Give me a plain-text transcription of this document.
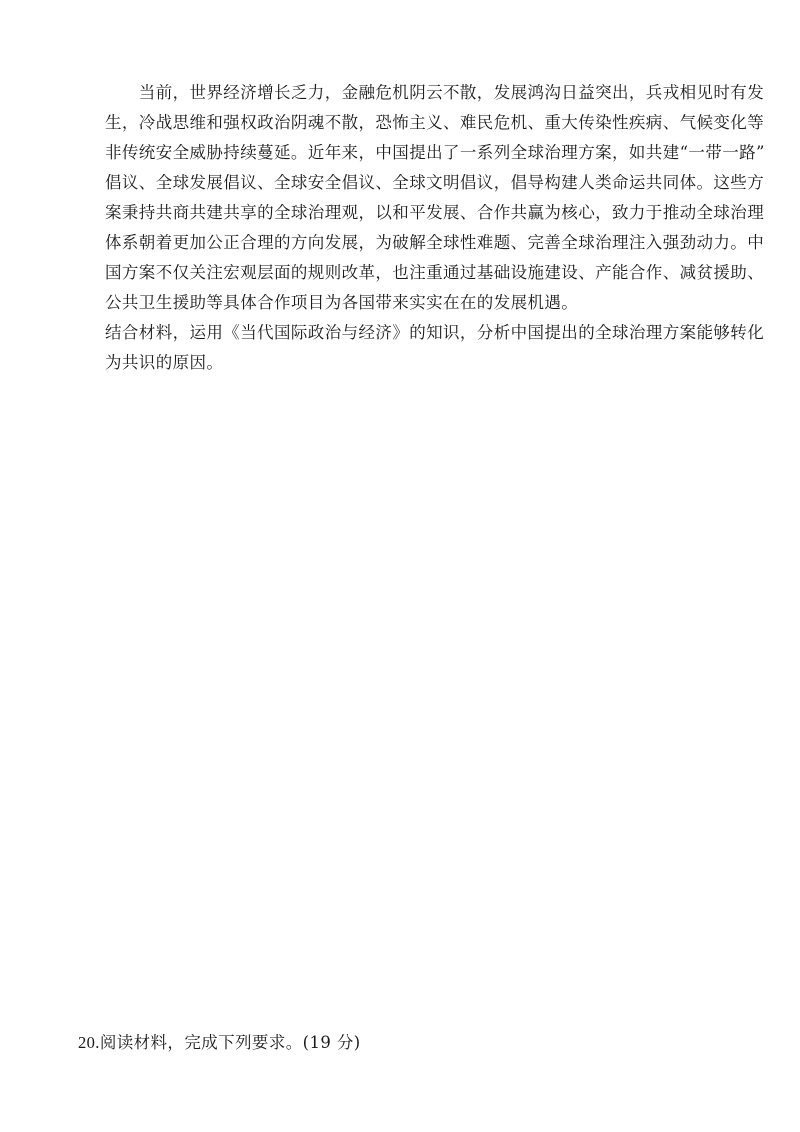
　　当前，世界经济增长乏力，金融危机阴云不散，发展鸿沟日益突出，兵戎相见时有发
生，冷战思维和强权政治阴魂不散，恐怖主义、难民危机、重大传染性疾病、气候变化等
非传统安全威胁持续蔓延。近年来，中国提出了一系列全球治理方案，如共建“一带一路”
倡议、全球发展倡议、全球安全倡议、全球文明倡议，倡导构建人类命运共同体。这些方
案秉持共商共建共享的全球治理观，以和平发展、合作共赢为核心，致力于推动全球治理
体系朝着更加公正合理的方向发展，为破解全球性难题、完善全球治理注入强劲动力。中
国方案不仅关注宏观层面的规则改革，也注重通过基础设施建设、产能合作、减贫援助、
公共卫生援助等具体合作项目为各国带来实实在在的发展机遇。
结合材料，运用《当代国际政治与经济》的知识，分析中国提出的全球治理方案能够转化
为共识的原因。
20.阅读材料，完成下列要求。(19 分)
